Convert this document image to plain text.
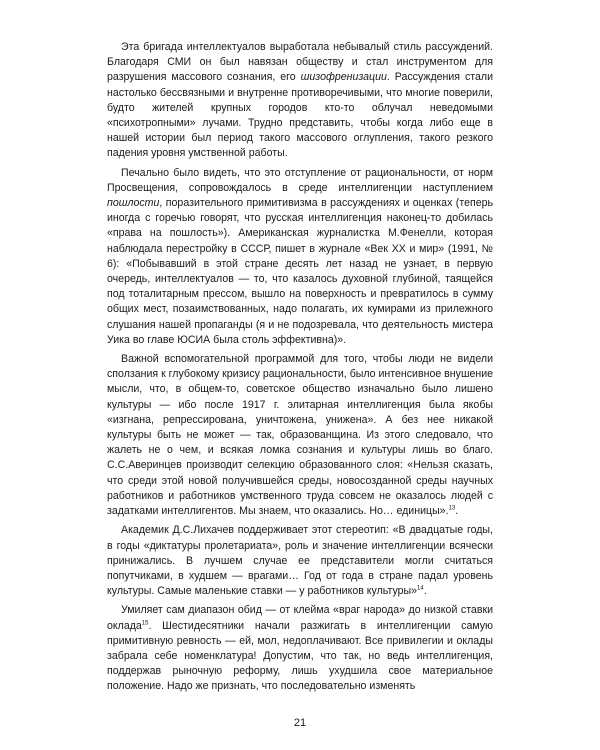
Эта бригада интеллектуалов выработала небывалый стиль рассуждений. Благодаря СМИ он был навязан обществу и стал инструментом для разрушения массового сознания, его шизофренизации. Рассуждения стали настолько бессвязными и внутренне противоречивыми, что многие поверили, будто жителей крупных городов кто-то облучал неведомыми «психотропными» лучами. Трудно представить, чтобы когда либо еще в нашей истории был период такого массового оглупления, такого резкого падения уровня умственной работы.

Печально было видеть, что это отступление от рациональности, от норм Просвещения, сопровождалось в среде интеллигенции наступлением пошлости, поразительного примитивизма в рассуждениях и оценках (теперь иногда с горечью говорят, что русская интеллигенция наконец-то добилась «права на пошлость»). Американская журналистка М.Фенелли, которая наблюдала перестройку в СССР, пишет в журнале «Век XX и мир» (1991, № 6): «Побывавший в этой стране десять лет назад не узнает, в первую очередь, интеллектуалов — то, что казалось духовной глубиной, таящейся под тоталитарным прессом, вышло на поверхность и превратилось в сумму общих мест, позаимствованных, надо полагать, их кумирами из прилежного слушания нашей пропаганды (я и не подозревала, что деятельность мистера Уика во главе ЮСИА была столь эффективна)».

Важной вспомогательной программой для того, чтобы люди не видели сползания к глубокому кризису рациональности, было интенсивное внушение мысли, что, в общем-то, советское общество изначально было лишено культуры — ибо после 1917 г. элитарная интеллигенция была якобы «изгнана, репрессирована, уничтожена, унижена». А без нее никакой культуры быть не может — так, образованщина. Из этого следовало, что жалеть не о чем, и всякая ломка сознания и культуры лишь во благо. С.С.Аверинцев производит селекцию образованного слоя: «Нельзя сказать, что среди этой новой получившейся среды, новосозданной среды научных работников и работников умственного труда совсем не оказалось людей с задатками интеллигентов. Мы знаем, что оказались. Но… единицы».$^{13}$.

Академик Д.С.Лихачев поддерживает этот стереотип: «В двадцатые годы, в годы «диктатуры пролетариата», роль и значение интеллигенции всячески принижались. В лучшем случае ее представители могли считаться попутчиками, в худшем — врагами… Год от года в стране падал уровень культуры. Самые маленькие ставки — у работников культуры»$^{14}$.

Умиляет сам диапазон обид — от клейма «враг народа» до низкой ставки оклада$^{15}$. Шестидесятники начали разжигать в интеллигенции самую примитивную ревность — ей, мол, недоплачивают. Все привилегии и оклады забрала себе номенклатура! Допустим, что так, но ведь интеллигенция, поддержав рыночную реформу, лишь ухудшила свое материальное положение. Надо же признать, что последовательно изменять

21
